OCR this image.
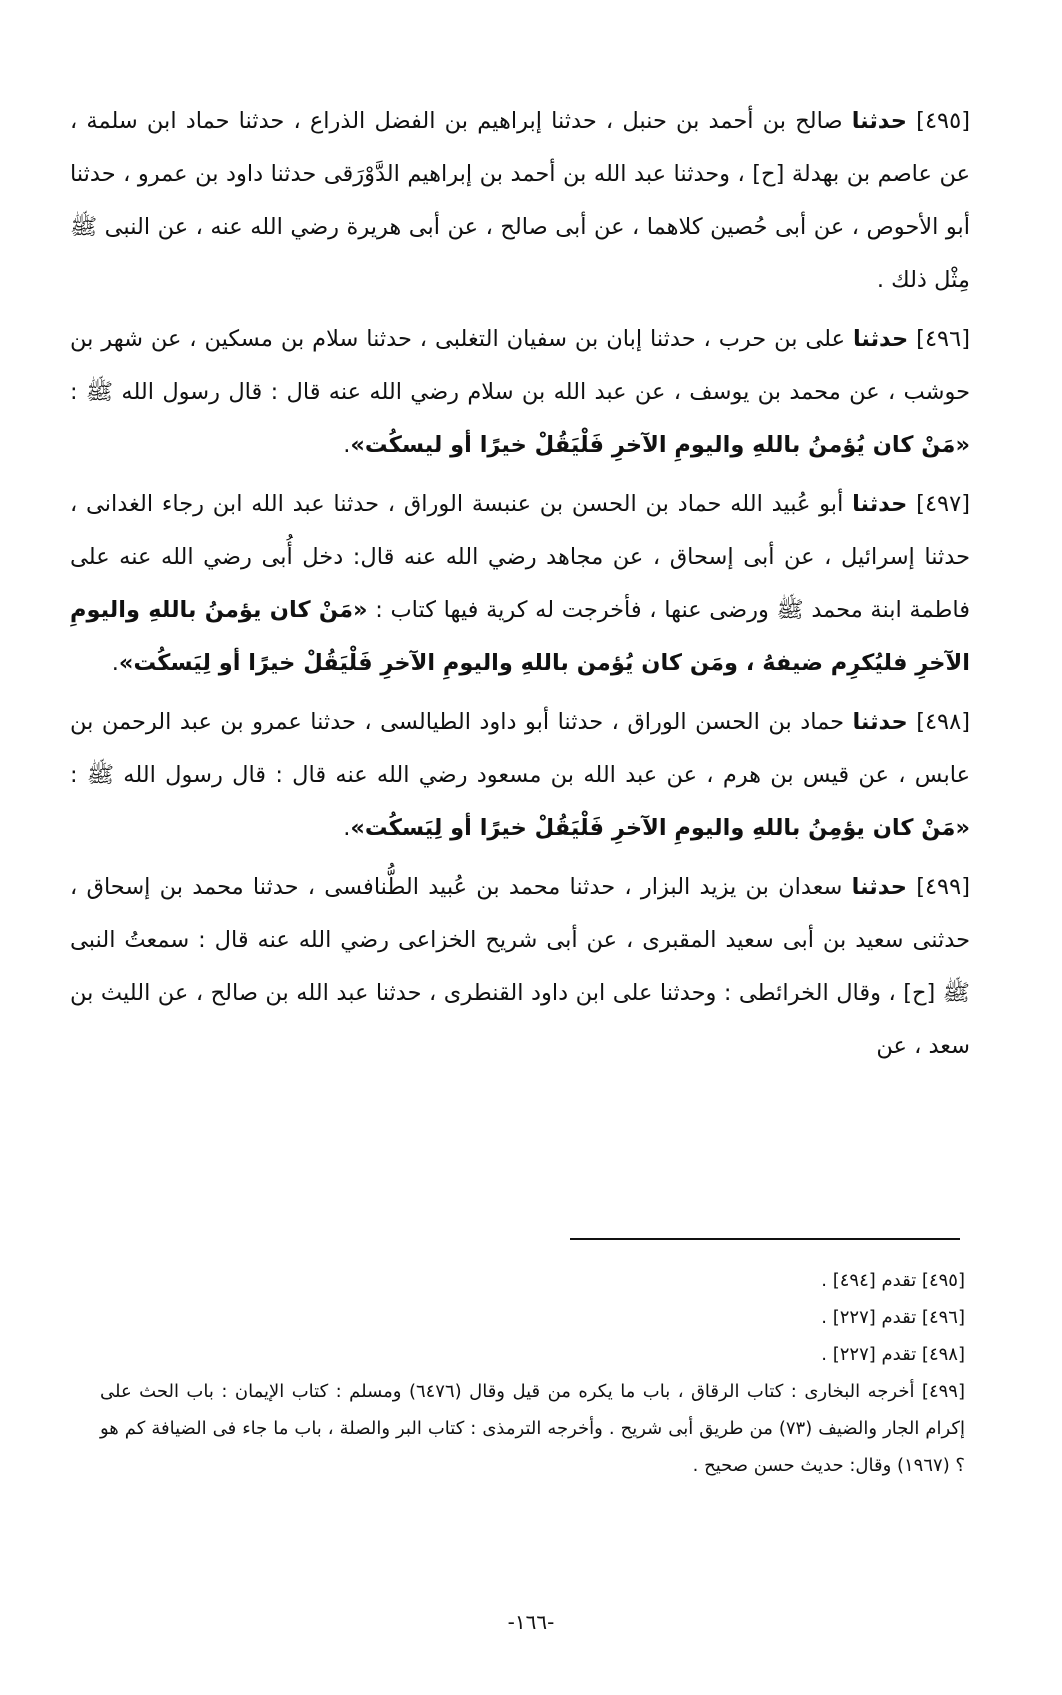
[٤٩٥] حدثنا صالح بن أحمد بن حنبل ، حدثنا إبراهيم بن الفضل الذراع ، حدثنا حماد ابن سلمة ، عن عاصم بن بهدلة [ح] ، وحدثنا عبد الله بن أحمد بن إبراهيم الدَّوْرَقى حدثنا داود بن عمرو ، حدثنا أبو الأحوص ، عن أبى حُصين كلاهما ، عن أبى صالح ، عن أبى هريرة رضي الله عنه ، عن النبى ﷺ مِثْل ذلك .

[٤٩٦] حدثنا على بن حرب ، حدثنا إبان بن سفيان التغلبى ، حدثنا سلام بن مسكين ، عن شهر بن حوشب ، عن محمد بن يوسف ، عن عبد الله بن سلام رضي الله عنه قال : قال رسول الله ﷺ : «مَنْ كان يُؤمنُ باللهِ واليومِ الآخرِ فَلْيَقُلْ خيرًا أو ليسكُت».

[٤٩٧] حدثنا أبو عُبيد الله حماد بن الحسن بن عنبسة الوراق ، حدثنا عبد الله ابن رجاء الغدانى ، حدثنا إسرائيل ، عن أبى إسحاق ، عن مجاهد رضي الله عنه قال: دخل أُبى رضي الله عنه على فاطمة ابنة محمد ﷺ ورضى عنها ، فأخرجت له كرية فيها كتاب : «مَنْ كان يؤمنُ باللهِ واليومِ الآخرِ فليُكرِم ضيفهُ ، ومَن كان يُؤمن باللهِ واليومِ الآخرِ فَلْيَقُلْ خيرًا أو لِيَسكُت».

[٤٩٨] حدثنا حماد بن الحسن الوراق ، حدثنا أبو داود الطيالسى ، حدثنا عمرو بن عبد الرحمن بن عابس ، عن قيس بن هرم ، عن عبد الله بن مسعود رضي الله عنه قال : قال رسول الله ﷺ : «مَنْ كان يؤمِنُ باللهِ واليومِ الآخرِ فَلْيَقُلْ خيرًا أو لِيَسكُت».

[٤٩٩] حدثنا سعدان بن يزيد البزار ، حدثنا محمد بن عُبيد الطُّنافسى ، حدثنا محمد بن إسحاق ، حدثنى سعيد بن أبى سعيد المقبرى ، عن أبى شريح الخزاعى رضي الله عنه قال : سمعتُ النبى ﷺ [ح] ، وقال الخرائطى : وحدثنا على ابن داود القنطرى ، حدثنا عبد الله بن صالح ، عن الليث بن سعد ، عن

[٤٩٥] تقدم [٤٩٤] .

[٤٩٦] تقدم [٢٢٧] .

[٤٩٨] تقدم [٢٢٧] .

[٤٩٩] أخرجه البخارى : كتاب الرقاق ، باب ما يكره من قيل وقال (٦٤٧٦) ومسلم : كتاب الإيمان : باب الحث على إكرام الجار والضيف (٧٣) من طريق أبى شريح . وأخرجه الترمذى : كتاب البر والصلة ، باب ما جاء فى الضيافة كم هو ؟ (١٩٦٧) وقال: حديث حسن صحيح .

-١٦٦-
